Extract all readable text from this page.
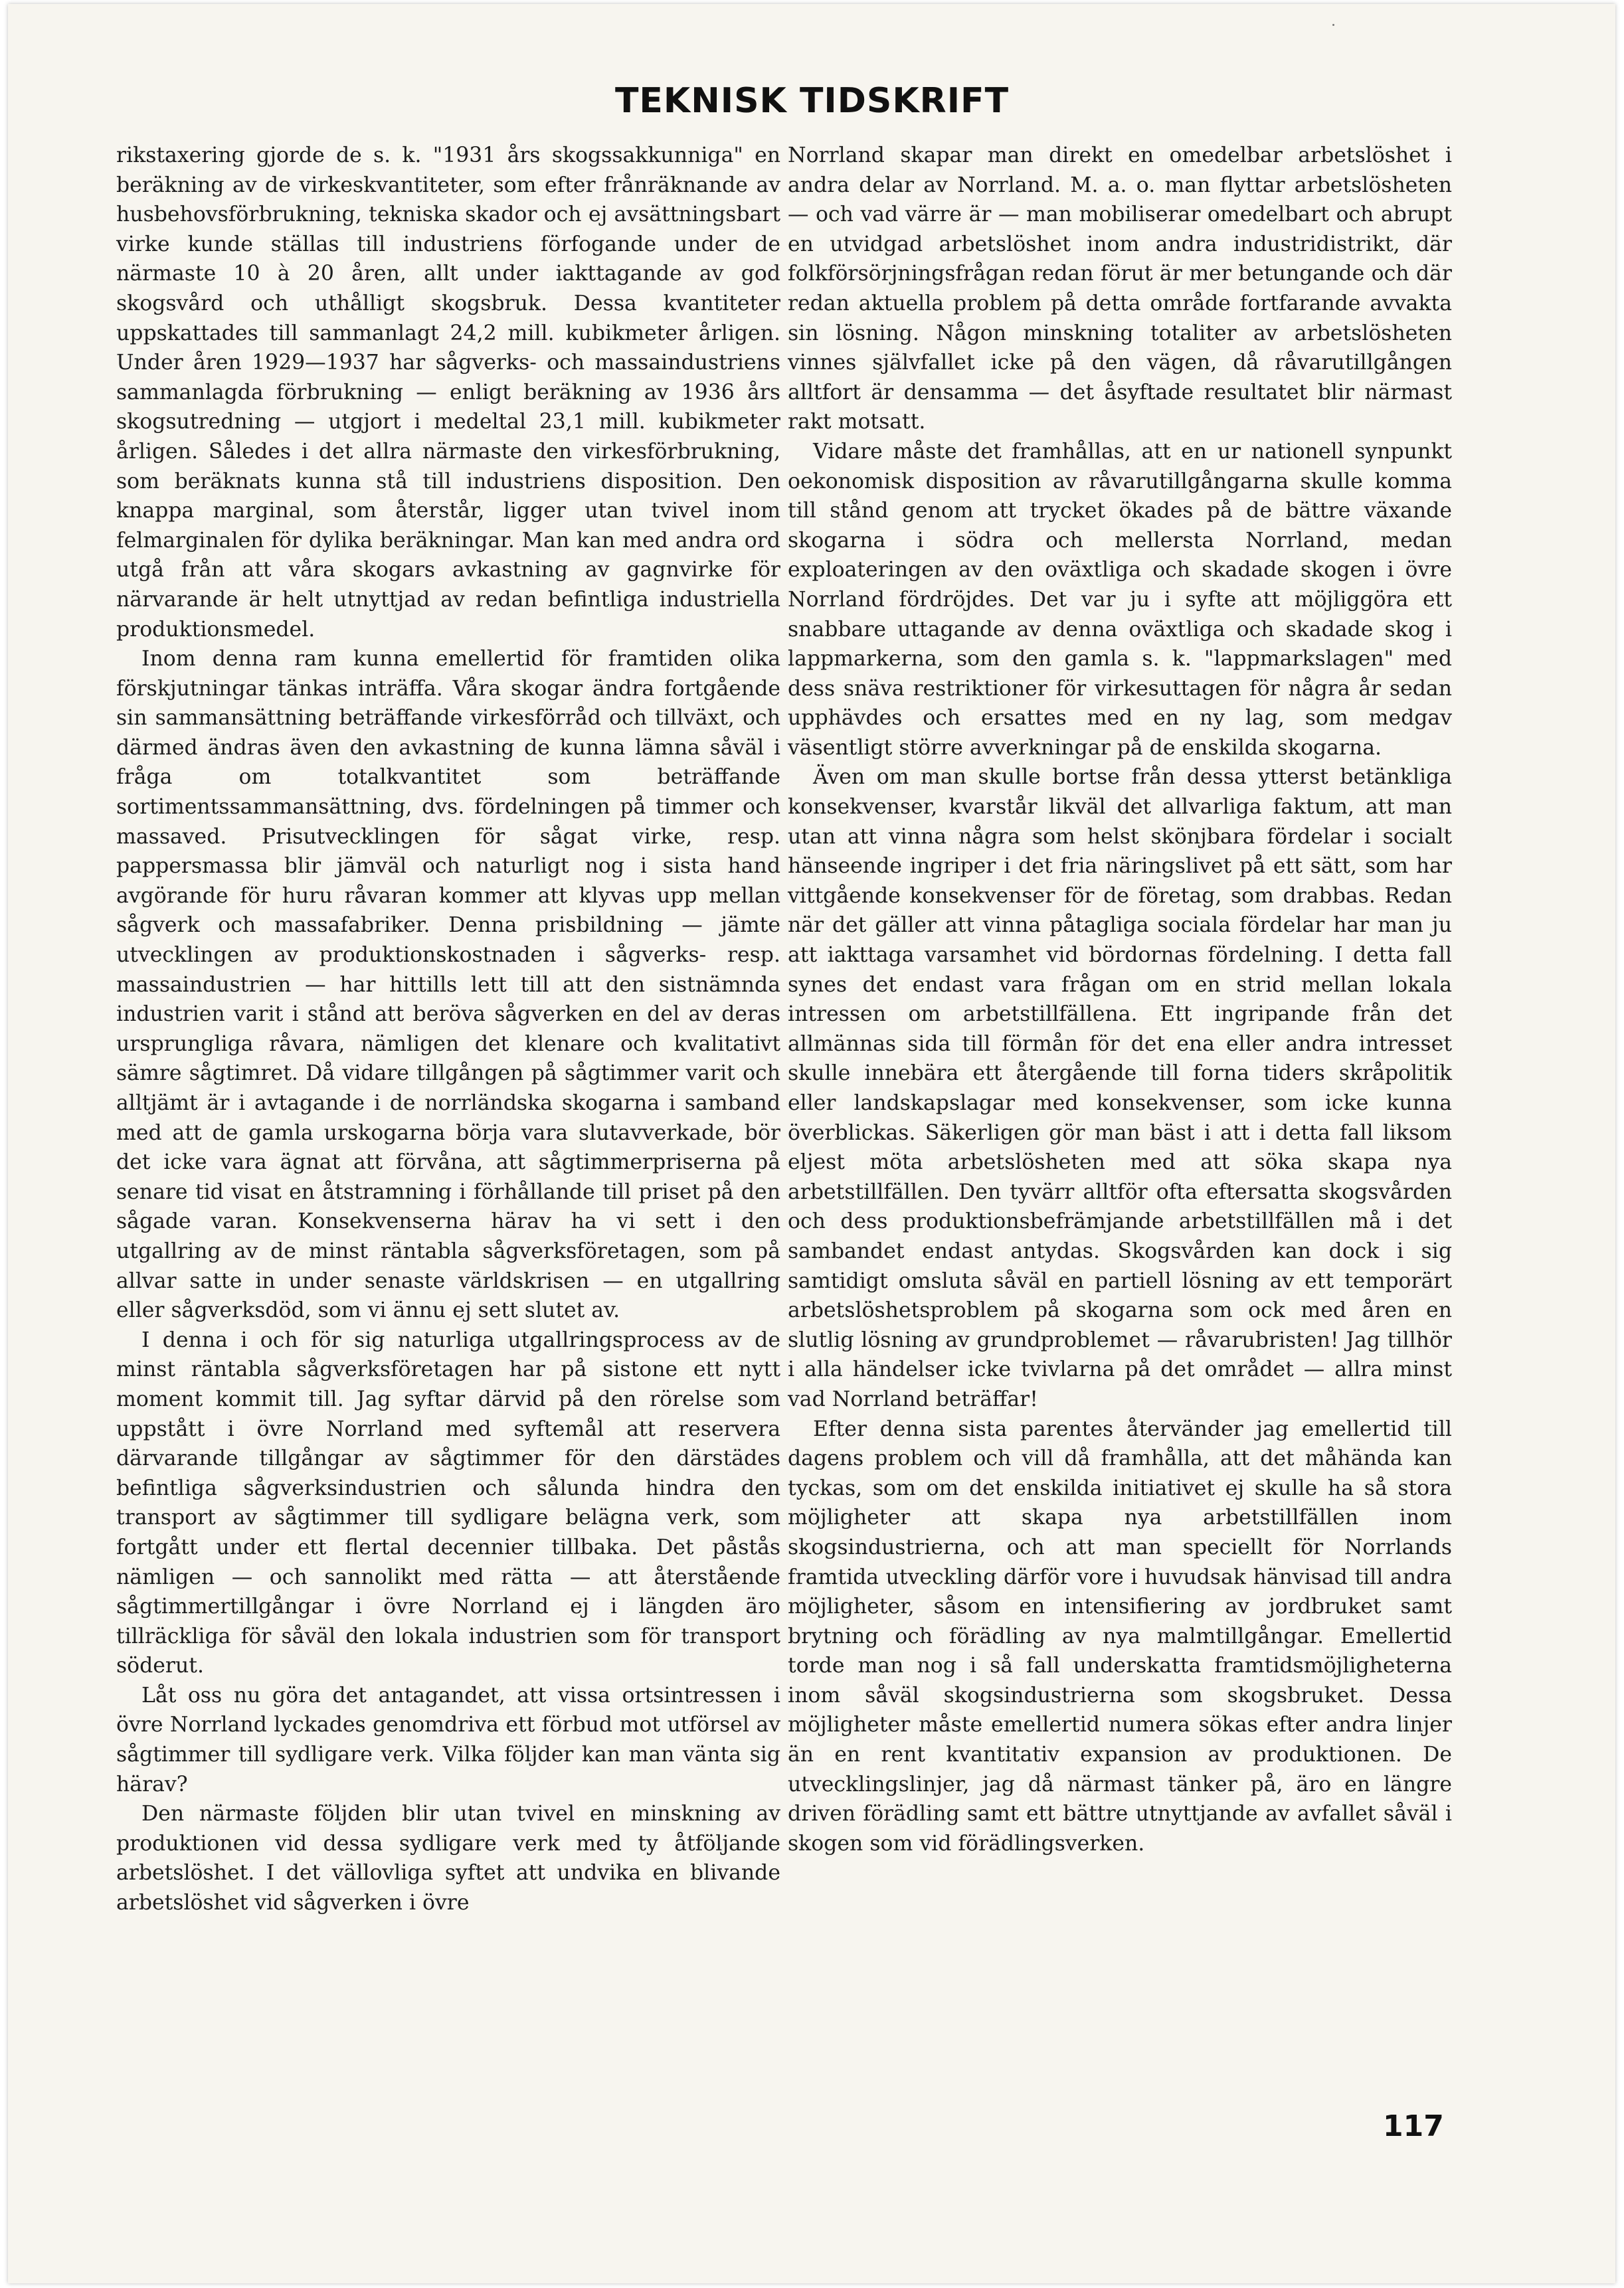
TEKNISK TIDSKRIFT

rikstaxering gjorde de s. k. "1931 års skogssakkunniga" en beräkning av de virkeskvantiteter, som efter frånräknande av husbehovsförbrukning, tekniska skador och ej avsättningsbart virke kunde ställas till industriens förfogande under de närmaste 10 à 20 åren, allt under iakttagande av god skogsvård och uthålligt skogsbruk. Dessa kvantiteter uppskattades till sammanlagt 24,2 mill. kubikmeter årligen. Under åren 1929—1937 har sågverks- och massaindustriens sammanlagda förbrukning — enligt beräkning av 1936 års skogsutredning — utgjort i medeltal 23,1 mill. kubikmeter årligen. Således i det allra närmaste den virkesförbrukning, som beräknats kunna stå till industriens disposition. Den knappa marginal, som återstår, ligger utan tvivel inom felmarginalen för dylika beräkningar. Man kan med andra ord utgå från att våra skogars avkastning av gagnvirke för närvarande är helt utnyttjad av redan befintliga industriella produktionsmedel.

Inom denna ram kunna emellertid för framtiden olika förskjutningar tänkas inträffa. Våra skogar ändra fortgående sin sammansättning beträffande virkesförråd och tillväxt, och därmed ändras även den avkastning de kunna lämna såväl i fråga om totalkvantitet som beträffande sortimentssammansättning, dvs. fördelningen på timmer och massaved. Prisutvecklingen för sågat virke, resp. pappersmassa blir jämväl och naturligt nog i sista hand avgörande för huru råvaran kommer att klyvas upp mellan sågverk och massafabriker. Denna prisbildning — jämte utvecklingen av produktionskostnaden i sågverks- resp. massaindustrien — har hittills lett till att den sistnämnda industrien varit i stånd att beröva sågverken en del av deras ursprungliga råvara, nämligen det klenare och kvalitativt sämre sågtimret. Då vidare tillgången på sågtimmer varit och alltjämt är i avtagande i de norrländska skogarna i samband med att de gamla urskogarna börja vara slutavverkade, bör det icke vara ägnat att förvåna, att sågtimmerpriserna på senare tid visat en åtstramning i förhållande till priset på den sågade varan. Konsekvenserna härav ha vi sett i den utgallring av de minst räntabla sågverksföretagen, som på allvar satte in under senaste världskrisen — en utgallring eller sågverksdöd, som vi ännu ej sett slutet av.

I denna i och för sig naturliga utgallringsprocess av de minst räntabla sågverksföretagen har på sistone ett nytt moment kommit till. Jag syftar därvid på den rörelse som uppstått i övre Norrland med syftemål att reservera därvarande tillgångar av sågtimmer för den därstädes befintliga sågverksindustrien och sålunda hindra den transport av sågtimmer till sydligare belägna verk, som fortgått under ett flertal decennier tillbaka. Det påstås nämligen — och sannolikt med rätta — att återstående sågtimmertillgångar i övre Norrland ej i längden äro tillräckliga för såväl den lokala industrien som för transport söderut.

Låt oss nu göra det antagandet, att vissa ortsintressen i övre Norrland lyckades genomdriva ett förbud mot utförsel av sågtimmer till sydligare verk. Vilka följder kan man vänta sig härav?

Den närmaste följden blir utan tvivel en minskning av produktionen vid dessa sydligare verk med ty åtföljande arbetslöshet. I det vällovliga syftet att undvika en blivande arbetslöshet vid sågverken i övre

Norrland skapar man direkt en omedelbar arbetslöshet i andra delar av Norrland. M. a. o. man flyttar arbetslösheten — och vad värre är — man mobiliserar omedelbart och abrupt en utvidgad arbetslöshet inom andra industridistrikt, där folkförsörjningsfrågan redan förut är mer betungande och där redan aktuella problem på detta område fortfarande avvakta sin lösning. Någon minskning totaliter av arbetslösheten vinnes självfallet icke på den vägen, då råvarutillgången alltfort är densamma — det åsyftade resultatet blir närmast rakt motsatt.

Vidare måste det framhållas, att en ur nationell synpunkt oekonomisk disposition av råvarutillgångarna skulle komma till stånd genom att trycket ökades på de bättre växande skogarna i södra och mellersta Norrland, medan exploateringen av den oväxtliga och skadade skogen i övre Norrland fördröjdes. Det var ju i syfte att möjliggöra ett snabbare uttagande av denna oväxtliga och skadade skog i lappmarkerna, som den gamla s. k. "lappmarkslagen" med dess snäva restriktioner för virkesuttagen för några år sedan upphävdes och ersattes med en ny lag, som medgav väsentligt större avverkningar på de enskilda skogarna.

Även om man skulle bortse från dessa ytterst betänkliga konsekvenser, kvarstår likväl det allvarliga faktum, att man utan att vinna några som helst skönjbara fördelar i socialt hänseende ingriper i det fria näringslivet på ett sätt, som har vittgående konsekvenser för de företag, som drabbas. Redan när det gäller att vinna påtagliga sociala fördelar har man ju att iakttaga varsamhet vid bördornas fördelning. I detta fall synes det endast vara frågan om en strid mellan lokala intressen om arbetstillfällena. Ett ingripande från det allmännas sida till förmån för det ena eller andra intresset skulle innebära ett återgående till forna tiders skråpolitik eller landskapslagar med konsekvenser, som icke kunna överblickas. Säkerligen gör man bäst i att i detta fall liksom eljest möta arbetslösheten med att söka skapa nya arbetstillfällen. Den tyvärr alltför ofta eftersatta skogsvården och dess produktionsbefrämjande arbetstillfällen må i det sambandet endast antydas. Skogsvården kan dock i sig samtidigt omsluta såväl en partiell lösning av ett temporärt arbetslöshetsproblem på skogarna som ock med åren en slutlig lösning av grundproblemet — råvarubristen! Jag tillhör i alla händelser icke tvivlarna på det området — allra minst vad Norrland beträffar!

Efter denna sista parentes återvänder jag emellertid till dagens problem och vill då framhålla, att det måhända kan tyckas, som om det enskilda initiativet ej skulle ha så stora möjligheter att skapa nya arbetstillfällen inom skogsindustrierna, och att man speciellt för Norrlands framtida utveckling därför vore i huvudsak hänvisad till andra möjligheter, såsom en intensifiering av jordbruket samt brytning och förädling av nya malmtillgångar. Emellertid torde man nog i så fall underskatta framtidsmöjligheterna inom såväl skogsindustrierna som skogsbruket. Dessa möjligheter måste emellertid numera sökas efter andra linjer än en rent kvantitativ expansion av produktionen. De utvecklingslinjer, jag då närmast tänker på, äro en längre driven förädling samt ett bättre utnyttjande av avfallet såväl i skogen som vid förädlingsverken.

117
